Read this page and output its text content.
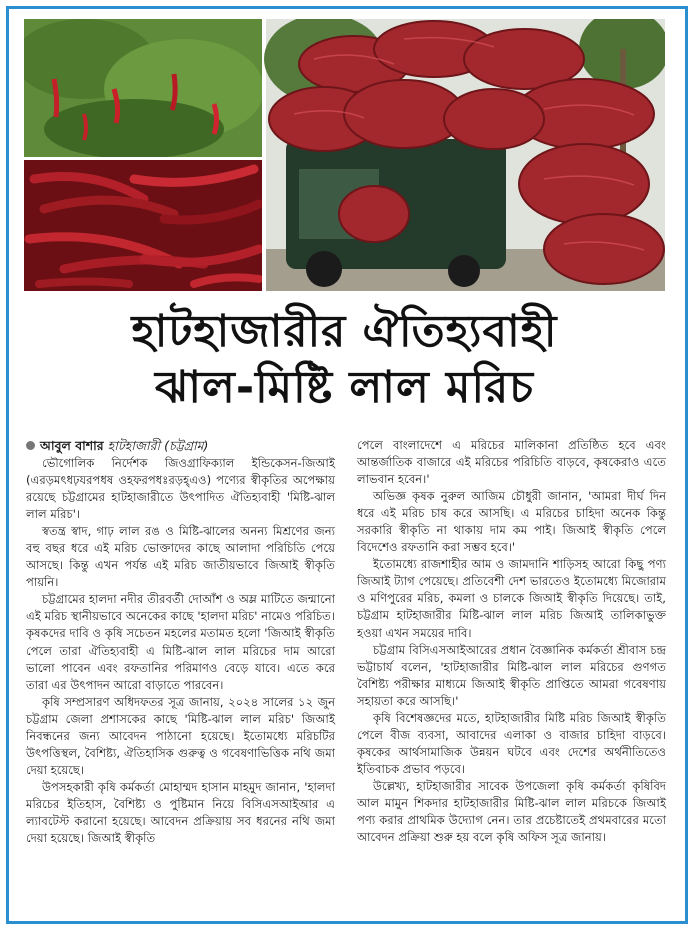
হাটহাজারীর ঐতিহ্যবাহী
ঝাল-মিষ্টি লাল মরিচ

আবুল বাশার হাটহাজারী (চট্টগ্রাম)

ভৌগোলিক নির্দেশক জিওগ্রাফিক্যাল ইন্ডিকেসন-জিআই (এরড়মৎধঢ়যরপধষ ওহফরপধঃরড়হ্এও) পণ্যের স্বীকৃতির অপেক্ষায় রয়েছে চট্টগ্রামের হাটহাজারীতে উৎপাদিত ঐতিহ্যবাহী 'মিষ্টি-ঝাল লাল মরিচ'।

স্বতন্ত্র স্বাদ, গাঢ় লাল রঙ ও মিষ্টি-ঝালের অনন্য মিশ্রণের জন্য বহু বছর ধরে এই মরিচ ভোক্তাদের কাছে আলাদা পরিচিতি পেয়ে আসছে। কিন্তু এখন পর্যন্ত এই মরিচ জাতীয়ভাবে জিআই স্বীকৃতি পায়নি।

চট্টগ্রামের হালদা নদীর তীরবর্তী দোআঁশ ও অম্ল মাটিতে জন্মানো এই মরিচ স্থানীয়ভাবে অনেকের কাছে 'হালদা মরিচ' নামেও পরিচিত। কৃষকদের দাবি ও কৃষি সচেতন মহলের মতামত হলো 'জিআই স্বীকৃতি পেলে তারা ঐতিহ্যবাহী এ মিষ্টি-ঝাল লাল মরিচের দাম আরো ভালো পাবেন এবং রফতানির পরিমাণও বেড়ে যাবে। এতে করে তারা এর উৎপাদন আরো বাড়াতে পারবেন।

কৃষি সম্প্রসারণ অধিদফতর সূত্র জানায়, ২০২৪ সালের ১২ জুন চট্টগ্রাম জেলা প্রশাসকের কাছে 'মিষ্টি-ঝাল লাল মরিচ' জিআই নিবন্ধনের জন্য আবেদন পাঠানো হয়েছে। ইতোমধ্যে মরিচটির উৎপত্তিস্থল, বৈশিষ্ট্য, ঐতিহাসিক গুরুত্ব ও গবেষণাভিত্তিক নথি জমা দেয়া হয়েছে।

উপসহকারী কৃষি কর্মকর্তা মোহাম্মদ হাসান মাহমুদ জানান, 'হালদা মরিচের ইতিহাস, বৈশিষ্ট্য ও পুষ্টিমান নিয়ে বিসিএসআইআর এ ল্যাবটেস্ট করানো হয়েছে। আবেদন প্রক্রিয়ায় সব ধরনের নথি জমা দেয়া হয়েছে। জিআই স্বীকৃতি

পেলে বাংলাদেশে এ মরিচের মালিকানা প্রতিষ্ঠিত হবে এবং আন্তর্জাতিক বাজারে এই মরিচের পরিচিতি বাড়বে, কৃষকেরাও এতে লাভবান হবেন।'

অভিজ্ঞ কৃষক নুরুল আজিম চৌধুরী জানান, 'আমরা দীর্ঘ দিন ধরে এই মরিচ চাষ করে আসছি। এ মরিচের চাহিদা অনেক কিন্তু সরকারি স্বীকৃতি না থাকায় দাম কম পাই। জিআই স্বীকৃতি পেলে বিদেশেও রফতানি করা সম্ভব হবে।'

ইতোমধ্যে রাজশাহীর আম ও জামদানি শাড়িসহ আরো কিছু পণ্য জিআই ট্যাগ পেয়েছে। প্রতিবেশী দেশ ভারতেও ইতোমধ্যে মিজোরাম ও মণিপুরের মরিচ, কমলা ও চালকে জিআই স্বীকৃতি দিয়েছে। তাই, চট্টগ্রাম হাটহাজারীর মিষ্টি-ঝাল লাল মরিচ জিআই তালিকাভুক্ত হওয়া এখন সময়ের দাবি।

চট্টগ্রাম বিসিএসআইআরের প্রধান বৈজ্ঞানিক কর্মকর্তা শ্রীবাস চন্দ্র ভট্টাচার্য বলেন, 'হাটহাজারীর মিষ্টি-ঝাল লাল মরিচের গুণগত বৈশিষ্ট্য পরীক্ষার মাধ্যমে জিআই স্বীকৃতি প্রাপ্তিতে আমরা গবেষণায় সহায়তা করে আসছি।'

কৃষি বিশেষজ্ঞদের মতে, হাটহাজারীর মিষ্টি মরিচ জিআই স্বীকৃতি পেলে বীজ ব্যবসা, আবাদের এলাকা ও বাজার চাহিদা বাড়বে। কৃষকের আর্থসামাজিক উন্নয়ন ঘটবে এবং দেশের অর্থনীতিতেও ইতিবাচক প্রভাব পড়বে।

উল্লেখ্য, হাটহাজারীর সাবেক উপজেলা কৃষি কর্মকর্তা কৃষিবিদ আল মামুন শিকদার হাটহাজারীর মিষ্টি-ঝাল লাল মরিচকে জিআই পণ্য করার প্রাথমিক উদ্যোগ নেন। তার প্রচেষ্টাতেই প্রথমবারের মতো আবেদন প্রক্রিয়া শুরু হয় বলে কৃষি অফিস সূত্র জানায়।
